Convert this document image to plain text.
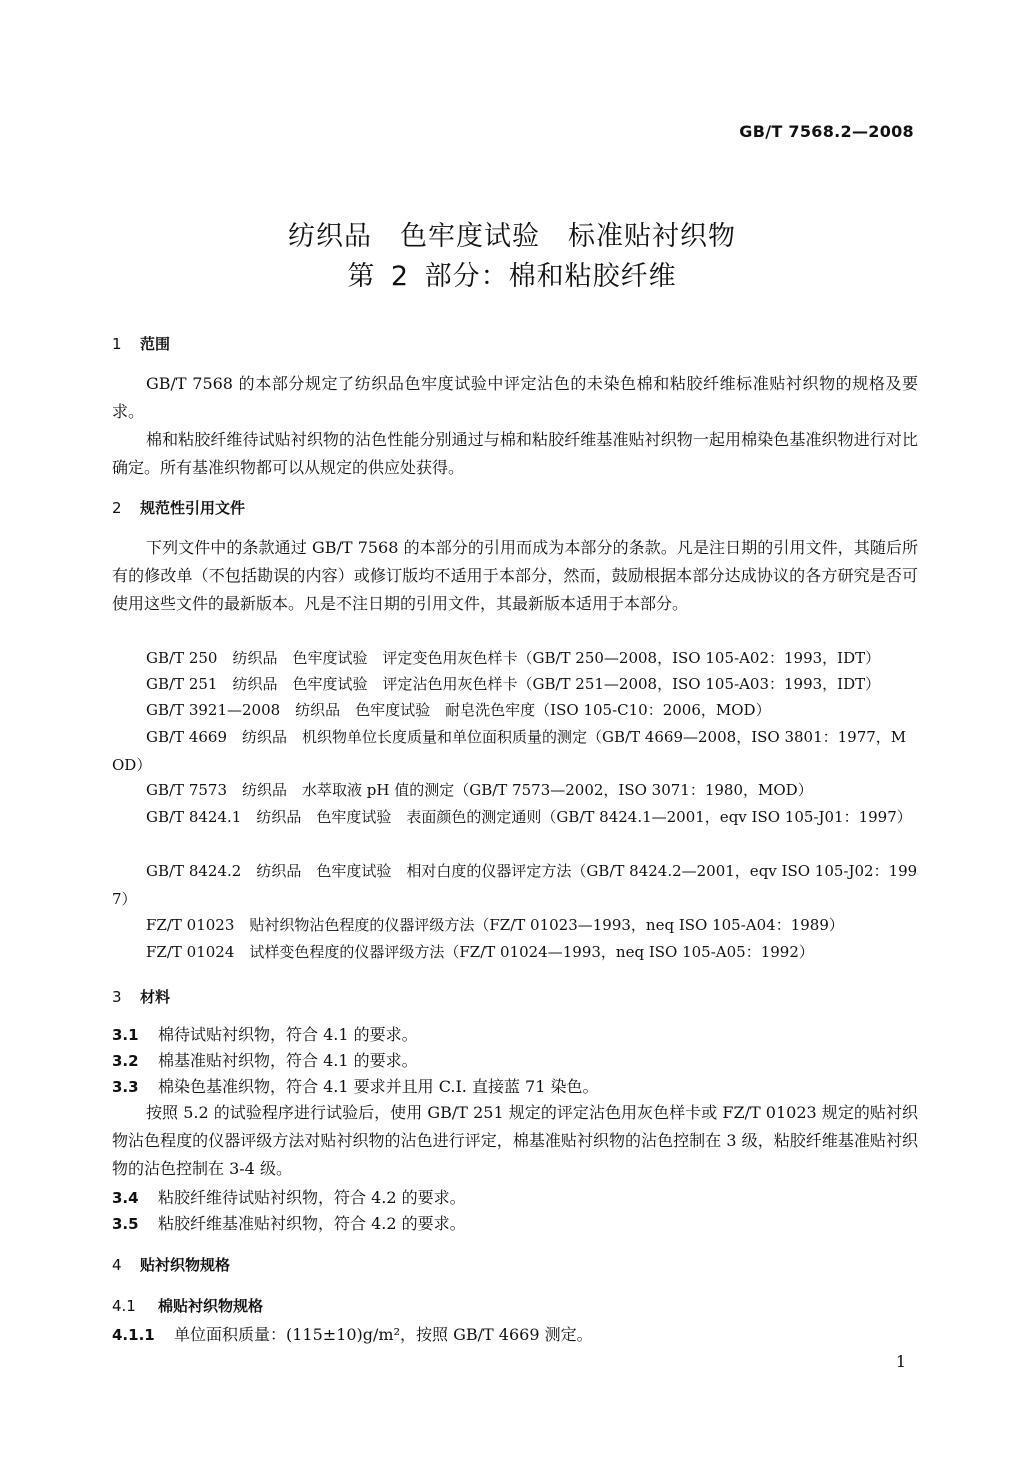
GB/T 7568.2—2008
纺织品　色牢度试验　标准贴衬织物
第 2 部分：棉和粘胶纤维
1 范围

GB/T 7568 的本部分规定了纺织品色牢度试验中评定沾色的未染色棉和粘胶纤维标准贴衬织物的规格及要求。

棉和粘胶纤维待试贴衬织物的沾色性能分别通过与棉和粘胶纤维基准贴衬织物一起用棉染色基准织物进行对比确定。所有基准织物都可以从规定的供应处获得。

2 规范性引用文件

下列文件中的条款通过 GB/T 7568 的本部分的引用而成为本部分的条款。凡是注日期的引用文件，其随后所有的修改单（不包括勘误的内容）或修订版均不适用于本部分，然而，鼓励根据本部分达成协议的各方研究是否可使用这些文件的最新版本。凡是不注日期的引用文件，其最新版本适用于本部分。

GB/T 250　纺织品　色牢度试验　评定变色用灰色样卡（GB/T 250—2008，ISO 105-A02：1993，IDT）

GB/T 251　纺织品　色牢度试验　评定沾色用灰色样卡（GB/T 251—2008，ISO 105-A03：1993，IDT）

GB/T 3921—2008　纺织品　色牢度试验　耐皂洗色牢度（ISO 105-C10：2006，MOD）

GB/T 4669　纺织品　机织物单位长度质量和单位面积质量的测定（GB/T 4669—2008，ISO 3801：1977，MOD）

GB/T 7573　纺织品　水萃取液 pH 值的测定（GB/T 7573—2002，ISO 3071：1980，MOD）

GB/T 8424.1　纺织品　色牢度试验　表面颜色的测定通则（GB/T 8424.1—2001，eqv ISO 105-J01：1997）

GB/T 8424.2　纺织品　色牢度试验　相对白度的仪器评定方法（GB/T 8424.2—2001，eqv ISO 105-J02：1997）

FZ/T 01023　贴衬织物沾色程度的仪器评级方法（FZ/T 01023—1993，neq ISO 105-A04：1989）

FZ/T 01024　试样变色程度的仪器评级方法（FZ/T 01024—1993，neq ISO 105-A05：1992）

3 材料
3.1 棉待试贴衬织物，符合 4.1 的要求。
3.2 棉基准贴衬织物，符合 4.1 的要求。
3.3 棉染色基准织物，符合 4.1 要求并且用 C.I. 直接蓝 71 染色。

按照 5.2 的试验程序进行试验后，使用 GB/T 251 规定的评定沾色用灰色样卡或 FZ/T 01023 规定的贴衬织物沾色程度的仪器评级方法对贴衬织物的沾色进行评定，棉基准贴衬织物的沾色控制在 3 级，粘胶纤维基准贴衬织物的沾色控制在 3-4 级。

3.4 粘胶纤维待试贴衬织物，符合 4.2 的要求。
3.5 粘胶纤维基准贴衬织物，符合 4.2 的要求。
4 贴衬织物规格
4.1 棉贴衬织物规格
4.1.1 单位面积质量：(115±10)g/m²，按照 GB/T 4669 测定。
1
